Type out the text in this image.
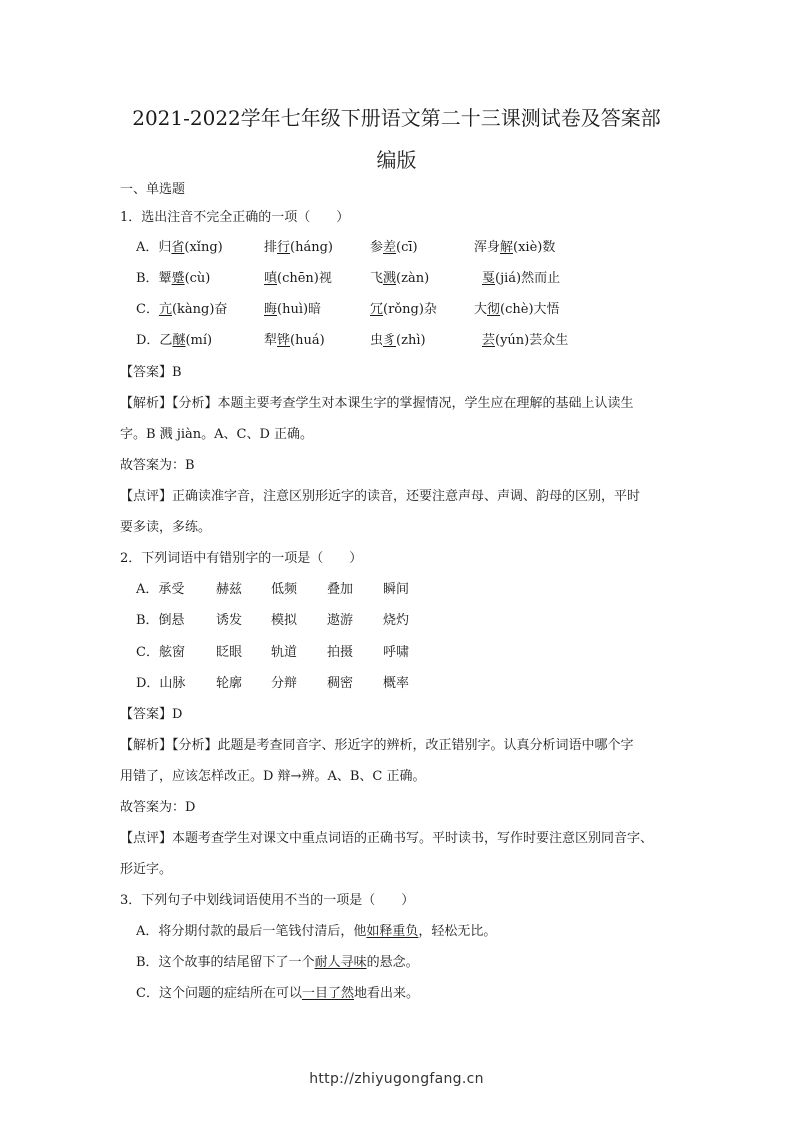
2021-2022学年七年级下册语文第二十三课测试卷及答案部
编版
一、单选题
1．选出注音不完全正确的一项（　　）
A．归省(xǐng)	排行(háng)	参差(cī)	浑身解(xiè)数
B．颦蹙(cù)	嗔(chēn)视	飞溅(zàn)	戛(jiá)然而止
C．亢(kàng)奋	晦(huì)暗	冗(rǒng)杂	大彻(chè)大悟
D．乙醚(mí)	犁铧(huá)	虫豸(zhì)	芸(yún)芸众生
【答案】B
【解析】【分析】本题主要考查学生对本课生字的掌握情况，学生应在理解的基础上认读生
字。B 溅 jiàn。A、C、D 正确。
故答案为：B
【点评】正确读准字音，注意区别形近字的读音，还要注意声母、声调、韵母的区别，平时
要多读，多练。
2．下列词语中有错别字的一项是（　　）
A．承受 赫兹 低频 叠加 瞬间
B．倒悬 诱发 模拟 遨游 烧灼
C．舷窗 眨眼 轨道 拍摄 呼啸
D．山脉 轮廓 分辩 稠密 概率
【答案】D
【解析】【分析】此题是考查同音字、形近字的辨析，改正错别字。认真分析词语中哪个字
用错了，应该怎样改正。D 辩→辨。A、B、C 正确。
故答案为：D
【点评】本题考查学生对课文中重点词语的正确书写。平时读书，写作时要注意区别同音字、
形近字。
3．下列句子中划线词语使用不当的一项是（　　）
A．将分期付款的最后一笔钱付清后，他如释重负，轻松无比。
B．这个故事的结尾留下了一个耐人寻味的悬念。
C．这个问题的症结所在可以一目了然地看出来。
http://zhiyugongfang.cn
